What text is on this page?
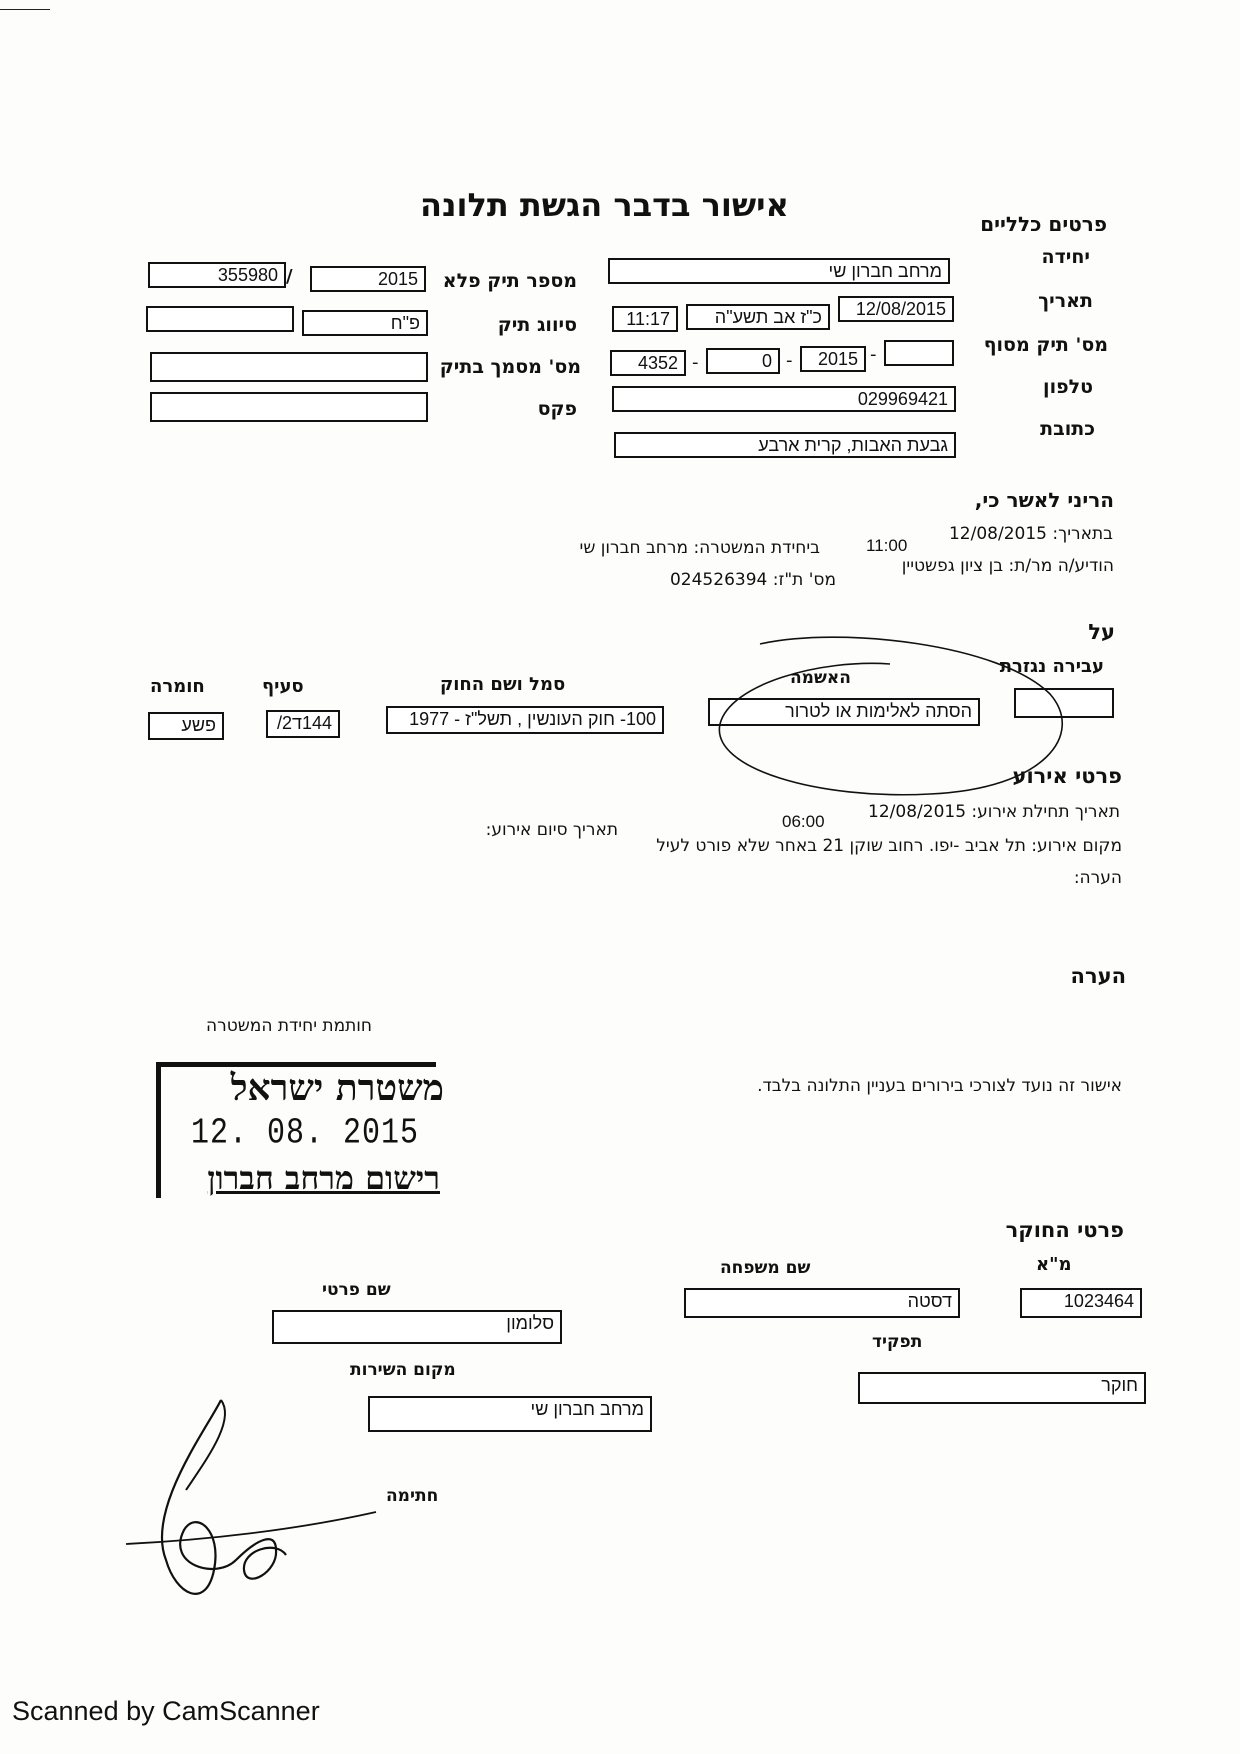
אישור בדבר הגשת תלונה	פרטים כלליים
יחידה
מרחב חברון שי
תאריך
12/08/2015
כ"ז אב תשע"ה
11:17
מס' תיק מסוף
-
2015
-
0
-
4352
טלפון
029969421
כתובת
גבעת האבות, קרית ארבע
מספר תיק פלא
355980 /	2015
סיווג תיק
פ"ח
מס' מסמך בתיק
פקס
הריני לאשר כי,
בתאריך: 12/08/2015
11:00
ביחידת המשטרה: מרחב חברון שי
הודיע/ה מר/ת: בן ציון גפשטיין
מס' ת"ז: 024526394
על
עבירה נגזרת
האשמה
הסתה לאלימות או לטרור
סמל ושם החוק
100- חוק העונשין , תשל"ז - 1977
סעיף
144ד2/
חומרה
פשע
פרטי אירוע
תאריך תחילת אירוע: 12/08/2015
06:00
תאריך סיום אירוע:
מקום אירוע: תל אביב -יפו. רחוב שוקן 21 באחר שלא פורט לעיל
הערה:
הערה
חותמת יחידת המשטרה
משטרת ישראל
12. 08. 2015
רישום מרחב חברון
אישור זה נועד לצורכי בירורים בעניין התלונה בלבד.
פרטי החוקר
מ"א
1023464
שם משפחה
דסטה
שם פרטי
סלומון
תפקיד
חוקר
מקום השירות
מרחב חברון שי
חתימה
Scanned by CamScanner
